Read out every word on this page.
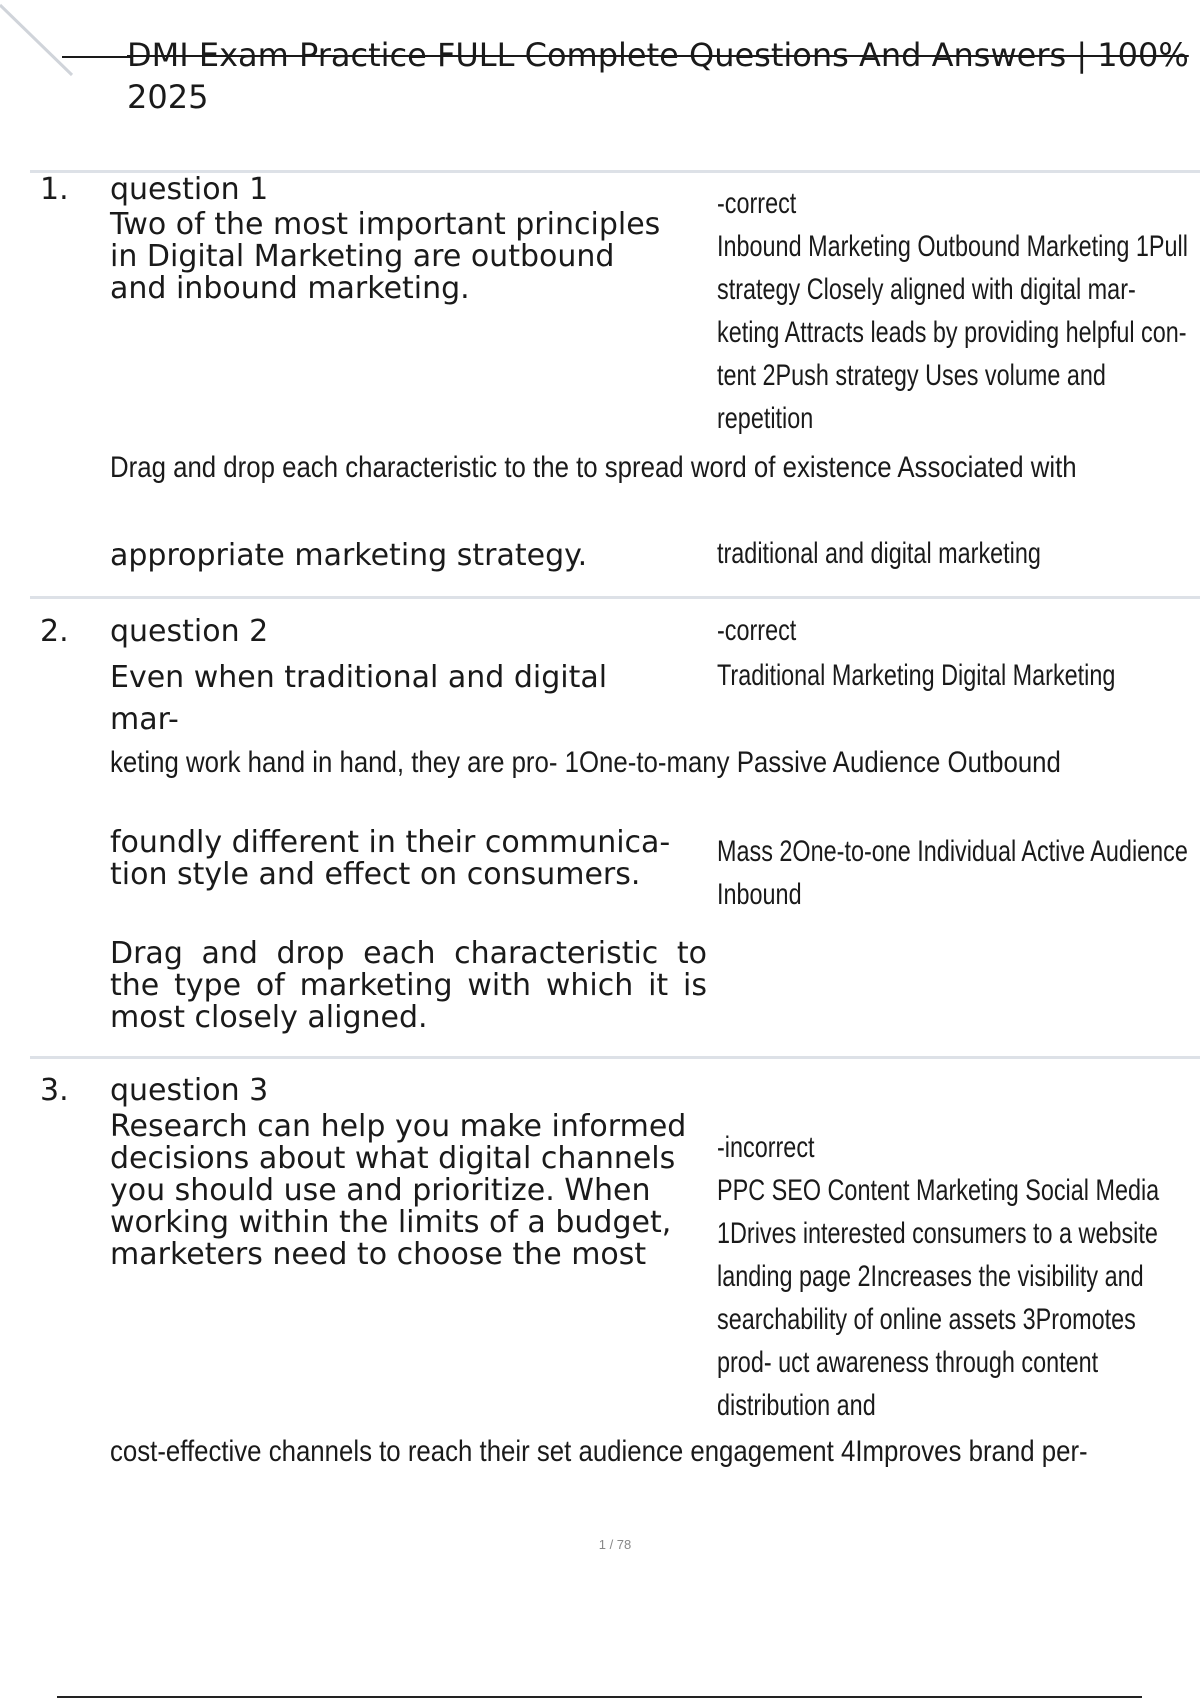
DMI Exam Practice FULL Complete Questions And Answers | 100%
2025
1. question 1

Two of the most important principles in Digital Marketing are outbound and inbound marketing.

-correct
Inbound Marketing Outbound Marketing 1Pull strategy Closely aligned with digital mar- keting Attracts leads by providing helpful con- tent 2Push strategy Uses volume and repetition

Drag and drop each characteristic to the to spread word of existence Associated with

appropriate marketing strategy.	traditional and digital marketing

2. question 2	-correct

Even when traditional and digital mar-

Traditional Marketing Digital Marketing

keting work hand in hand, they are pro- 1One-to-many Passive Audience Outbound

foundly different in their communica- tion style and effect on consumers.

Mass 2One-to-one Individual Active Audience Inbound

Drag and drop each characteristic to the type of marketing with which it is most closely aligned.

3. question 3

Research can help you make informed decisions about what digital channels you should use and prioritize. When working within the limits of a budget, marketers need to choose the most

-incorrect
PPC SEO Content Marketing Social Media 1Drives interested consumers to a website landing page 2Increases the visibility and searchability of online assets 3Promotes prod- uct awareness through content distribution and

cost-effective channels to reach their set audience engagement 4Improves brand per-

1 / 78
